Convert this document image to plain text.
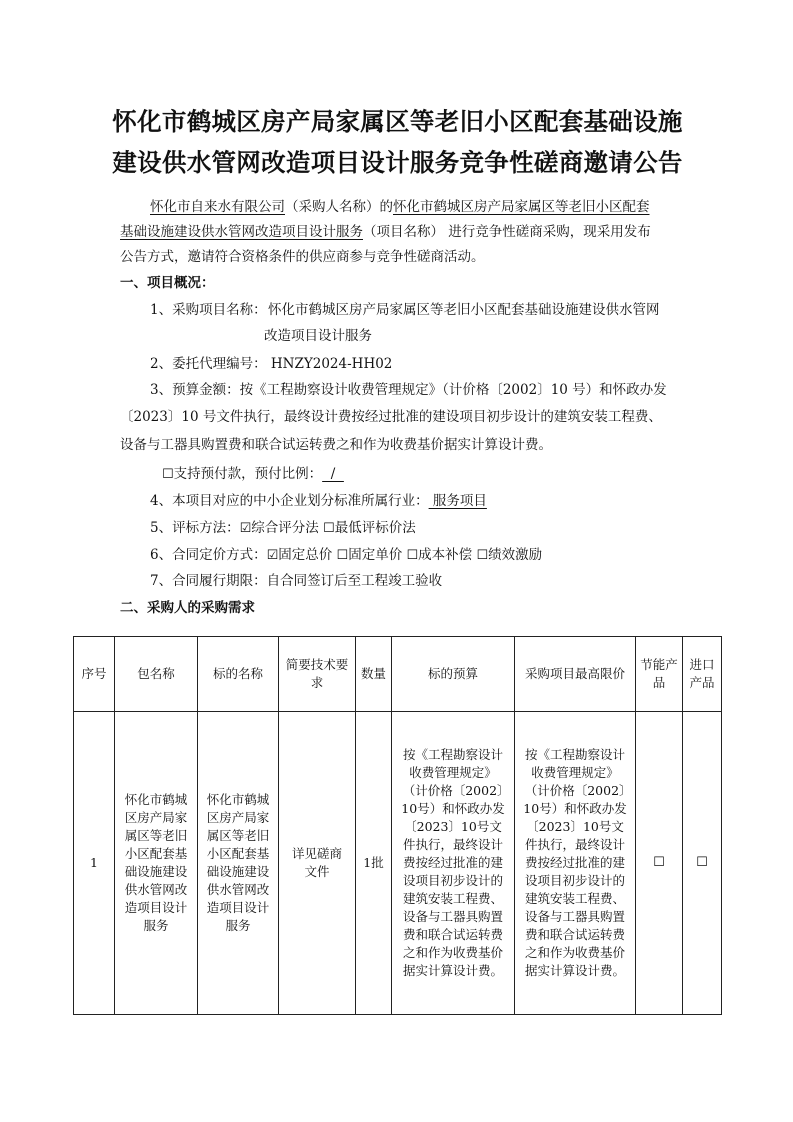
怀化市鹤城区房产局家属区等老旧小区配套基础设施
建设供水管网改造项目设计服务竞争性磋商邀请公告
怀化市自来水有限公司（采购人名称）的怀化市鹤城区房产局家属区等老旧小区配套
基础设施建设供水管网改造项目设计服务（项目名称） 进行竞争性磋商采购，现采用发布
公告方式，邀请符合资格条件的供应商参与竞争性磋商活动。
一、项目概况：
1、采购项目名称： 怀化市鹤城区房产局家属区等老旧小区配套基础设施建设供水管网
改造项目设计服务
2、委托代理编号： HNZY2024-HH02
3、预算金额：按《工程勘察设计收费管理规定》（计价格〔2002〕10 号）和怀政办发
〔2023〕10 号文件执行，最终设计费按经过批准的建设项目初步设计的建筑安装工程费、
设备与工器具购置费和联合试运转费之和作为收费基价据实计算设计费。
☐支持预付款，预付比例：  /
4、本项目对应的中小企业划分标准所属行业： 服务项目
5、评标方法：☑综合评分法 ☐最低评标价法
6、合同定价方式：☑固定总价 ☐固定单价 ☐成本补偿 ☐绩效激励
7、合同履行期限：自合同签订后至工程竣工验收
二、采购人的采购需求
序号	包名称	标的名称	简要技术要求	数量	标的预算	采购项目最高限价	节能产品	进口产品
1	怀化市鹤城区房产局家属区等老旧小区配套基础设施建设供水管网改造项目设计服务	怀化市鹤城区房产局家属区等老旧小区配套基础设施建设供水管网改造项目设计服务	详见磋商文件	1批	按《工程勘察设计收费管理规定》（计价格〔2002〕10号）和怀政办发〔2023〕10号文件执行，最终设计费按经过批准的建设项目初步设计的建筑安装工程费、设备与工器具购置费和联合试运转费之和作为收费基价据实计算设计费。	按《工程勘察设计收费管理规定》（计价格〔2002〕10号）和怀政办发〔2023〕10号文件执行，最终设计费按经过批准的建设项目初步设计的建筑安装工程费、设备与工器具购置费和联合试运转费之和作为收费基价据实计算设计费。	☐	☐
